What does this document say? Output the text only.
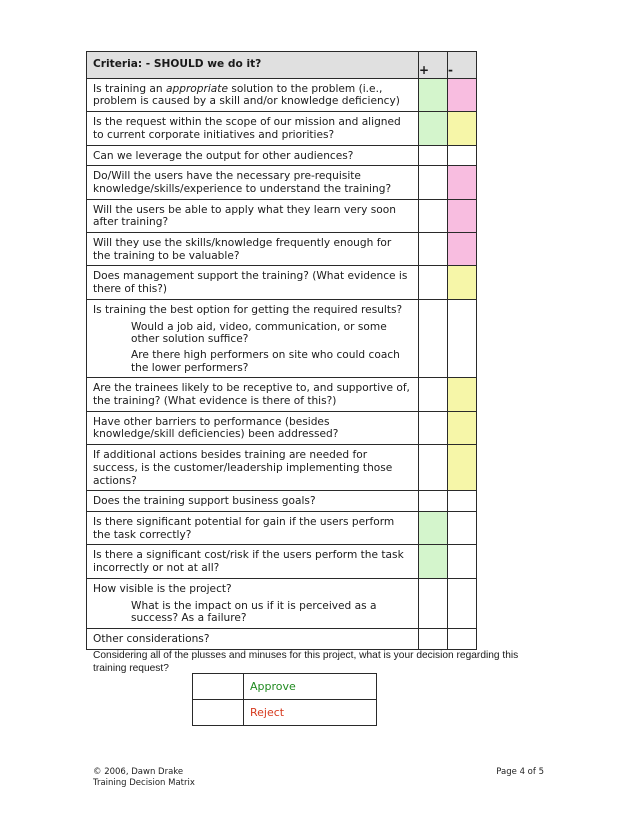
Criteria: - SHOULD we do it?	+	-

Is training an appropriate solution to the problem (i.e., problem is caused by a skill and/or knowledge deficiency)		

Is the request within the scope of our mission and aligned to current corporate initiatives and priorities?		

Can we leverage the output for other audiences?		

Do/Will the users have the necessary pre-requisite knowledge/skills/experience to understand the training?		

Will the users be able to apply what they learn very soon after training?		

Will they use the skills/knowledge frequently enough for the training to be valuable?		

Does management support the training? (What evidence is there of this?)		

Is training the best option for getting the required results?
Would a job aid, video, communication, or some other solution suffice?
Are there high performers on site who could coach the lower performers?		

Are the trainees likely to be receptive to, and supportive of, the training? (What evidence is there of this?)		

Have other barriers to performance (besides knowledge/skill deficiencies) been addressed?		

If additional actions besides training are needed for success, is the customer/leadership implementing those actions?		

Does the training support business goals?		

Is there significant potential for gain if the users perform the task correctly?		

Is there a significant cost/risk if the users perform the task incorrectly or not at all?		

How visible is the project?
What is the impact on us if it is perceived as a success? As a failure?		

Other considerations?		

Considering all of the plusses and minuses for this project, what is your decision regarding this training request?
	Approve
	Reject
© 2006, Dawn Drake
Training Decision Matrix
Page 4 of 5
